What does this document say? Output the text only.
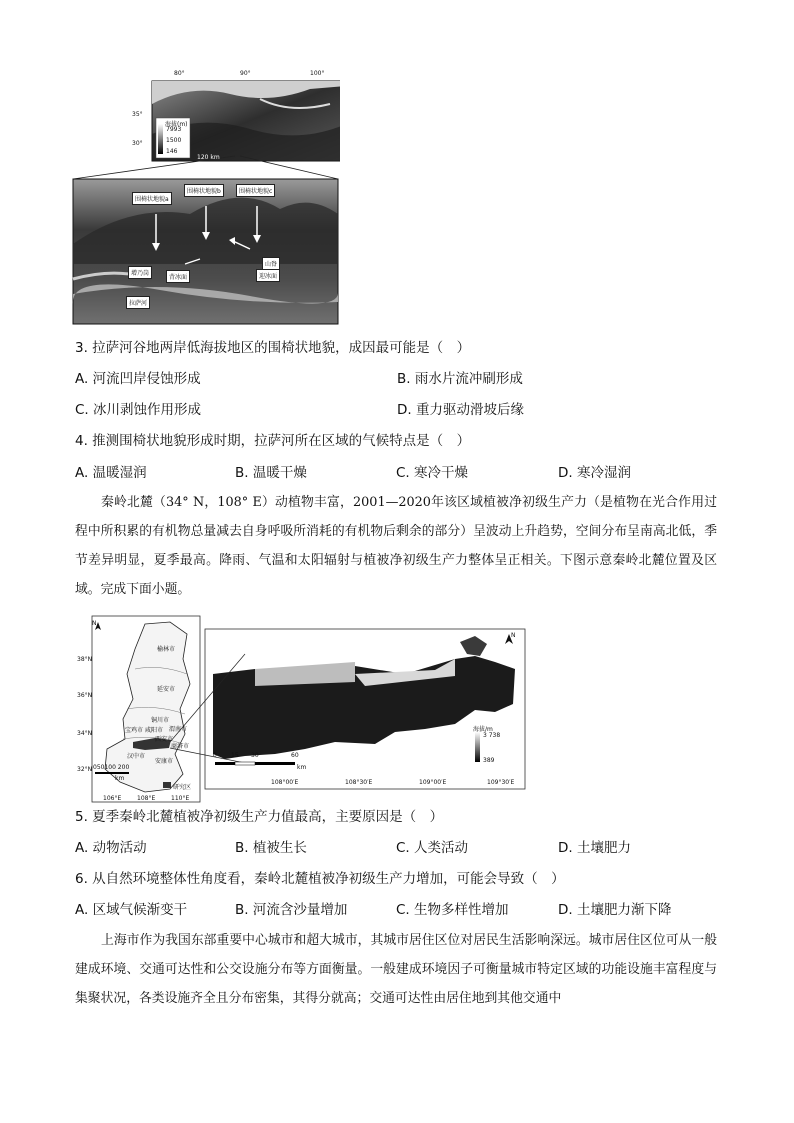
80°	90°	100°
35°
30°
海拔(m)
7993
1500
146
120 km
围椅状地貌a
围椅状地貌b	围椅状地貌c
增乃岗
背冰面
山脊
迎冰面
拉萨河
3. 拉萨河谷地两岸低海拔地区的围椅状地貌，成因最可能是（　）
A. 河流凹岸侵蚀形成	B. 雨水片流冲刷形成
C. 冰川剥蚀作用形成	D. 重力驱动滑坡后缘
4. 推测围椅状地貌形成时期，拉萨河所在区域的气候特点是（　）
A. 温暖湿润	B. 温暖干燥	C. 寒冷干燥	D. 寒冷湿润

秦岭北麓（34° N，108° E）动植物丰富，2001—2020年该区域植被净初级生产力（是植物在光合作用过程中所积累的有机物总量减去自身呼吸所消耗的有机物后剩余的部分）呈波动上升趋势，空间分布呈南高北低，季节差异明显，夏季最高。降雨、气温和太阳辐射与植被净初级生产力整体呈正相关。下图示意秦岭北麓位置及区域。完成下面小题。

N
38°N
36°N
34°N
32°N
106°E	108°E	110°E
榆林市
延安市
铜川市
宝鸡市 咸阳市 渭南市
西安市
汉中市
商洛市
安康市
050100 200
km
研究区
N
108°00′E	108°30′E	109°00′E	109°30′E
0 15 30	60
km
海拔/m
3 738
389
5. 夏季秦岭北麓植被净初级生产力值最高，主要原因是（　）
A. 动物活动	B. 植被生长	C. 人类活动	D. 土壤肥力
6. 从自然环境整体性角度看，秦岭北麓植被净初级生产力增加，可能会导致（　）
A. 区域气候渐变干	B. 河流含沙量增加	C. 生物多样性增加	D. 土壤肥力渐下降

上海市作为我国东部重要中心城市和超大城市，其城市居住区位对居民生活影响深远。城市居住区位可从一般建成环境、交通可达性和公交设施分布等方面衡量。一般建成环境因子可衡量城市特定区域的功能设施丰富程度与集聚状况，各类设施齐全且分布密集，其得分就高；交通可达性由居住地到其他交通中
